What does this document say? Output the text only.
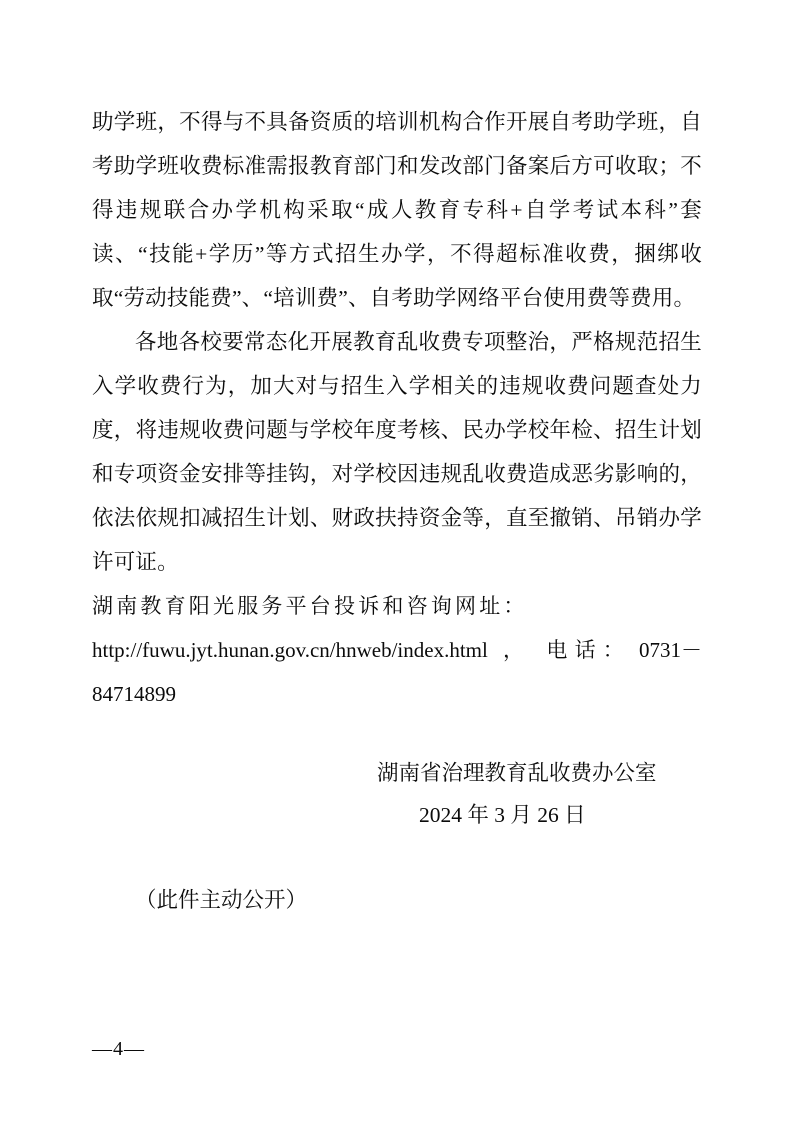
助学班，不得与不具备资质的培训机构合作开展自考助学班，自考助学班收费标准需报教育部门和发改部门备案后方可收取；不得违规联合办学机构采取“成人教育专科+自学考试本科”套读、“技能+学历”等方式招生办学，不得超标准收费，捆绑收取“劳动技能费”、“培训费”、自考助学网络平台使用费等费用。

各地各校要常态化开展教育乱收费专项整治，严格规范招生入学收费行为，加大对与招生入学相关的违规收费问题查处力度，将违规收费问题与学校年度考核、民办学校年检、招生计划和专项资金安排等挂钩，对学校因违规乱收费造成恶劣影响的，依法依规扣减招生计划、财政扶持资金等，直至撤销、吊销办学许可证。

湖南教育阳光服务平台投诉和咨询网址：
http://fuwu.jyt.hunan.gov.cn/hnweb/index.html ， 电话： 0731－84714899

湖南省治理教育乱收费办公室
2024 年 3 月 26 日
（此件主动公开）
—4—
